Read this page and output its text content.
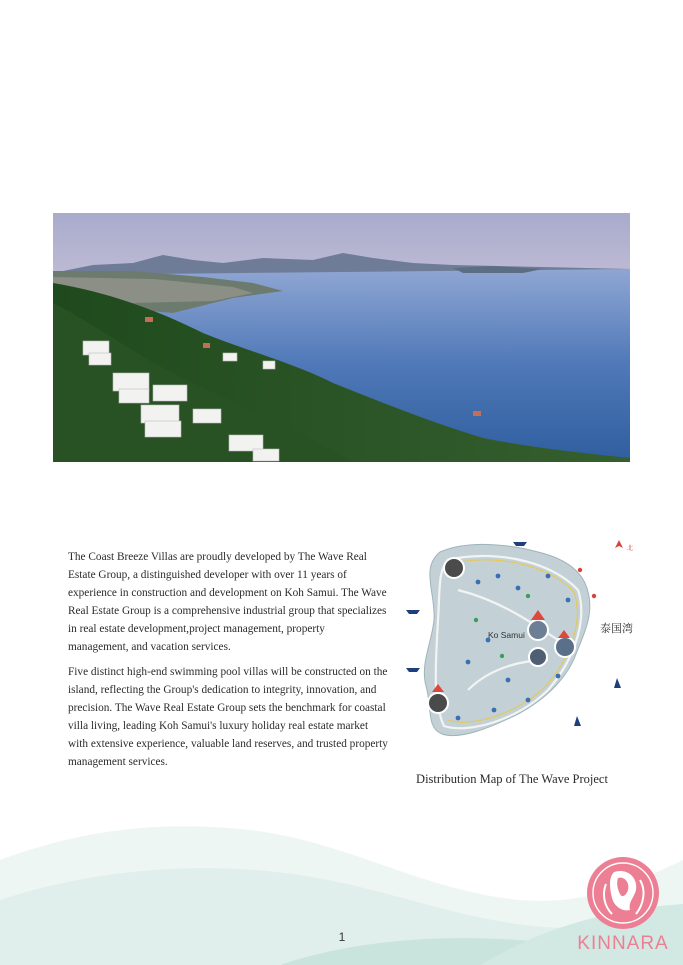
The Coast Breeze Villas are proudly developed by The Wave Real Estate Group, a distinguished developer with over 11 years of experience in construction and development on Koh Samui. The Wave Real Estate Group is a comprehensive industrial group that specializes in real estate development,project management, property management, and vacation services.

Five distinct high-end swimming pool villas will be constructed on the island, reflecting the Group's dedication to integrity, innovation, and precision. The Wave Real Estate Group sets the benchmark for coastal villa living, leading Koh Samui's luxury holiday real estate market with extensive experience, valuable land reserves, and trusted property management services.

Ko Samui	泰国湾
北
Distribution Map of The Wave Project
1	KINNARA
